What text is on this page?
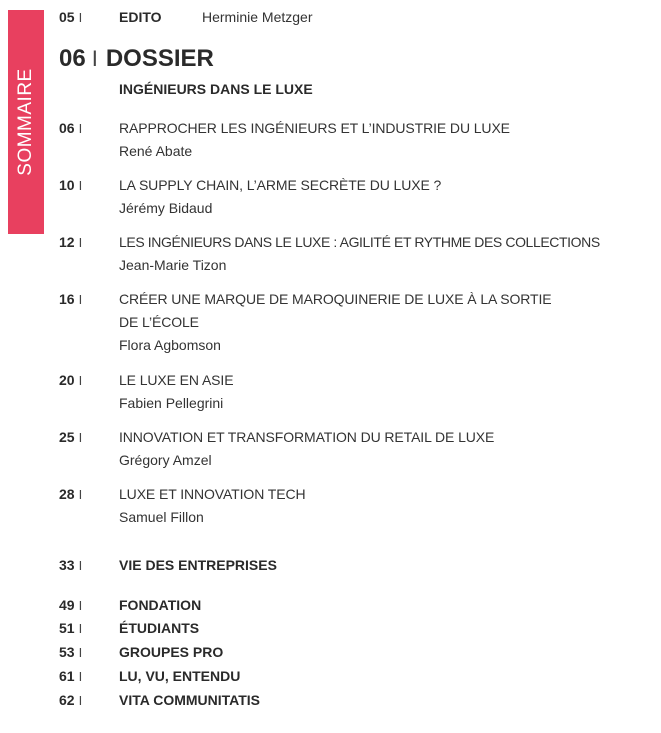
SOMMAIRE
05 I	EDITO	Herminie Metzger
06 I DOSSIER
INGÉNIEURS DANS LE LUXE
06 I	RAPPROCHER LES INGÉNIEURS ET L’INDUSTRIE DU LUXE
René Abate
10 I	LA SUPPLY CHAIN, L’ARME SECRÈTE DU LUXE ?
Jérémy Bidaud
12 I	LES INGÉNIEURS DANS LE LUXE : AGILITÉ ET RYTHME DES COLLECTIONS
Jean-Marie Tizon
16 I	CRÉER UNE MARQUE DE MAROQUINERIE DE LUXE À LA SORTIE
DE L’ÉCOLE
Flora Agbomson
20 I	LE LUXE EN ASIE
Fabien Pellegrini
25 I	INNOVATION ET TRANSFORMATION DU RETAIL DE LUXE
Grégory Amzel
28 I	LUXE ET INNOVATION TECH
Samuel Fillon
33 I	VIE DES ENTREPRISES
49 I	FONDATION
51 I	ÉTUDIANTS
53 I	GROUPES PRO
61 I	LU, VU, ENTENDU
62 I	VITA COMMUNITATIS
